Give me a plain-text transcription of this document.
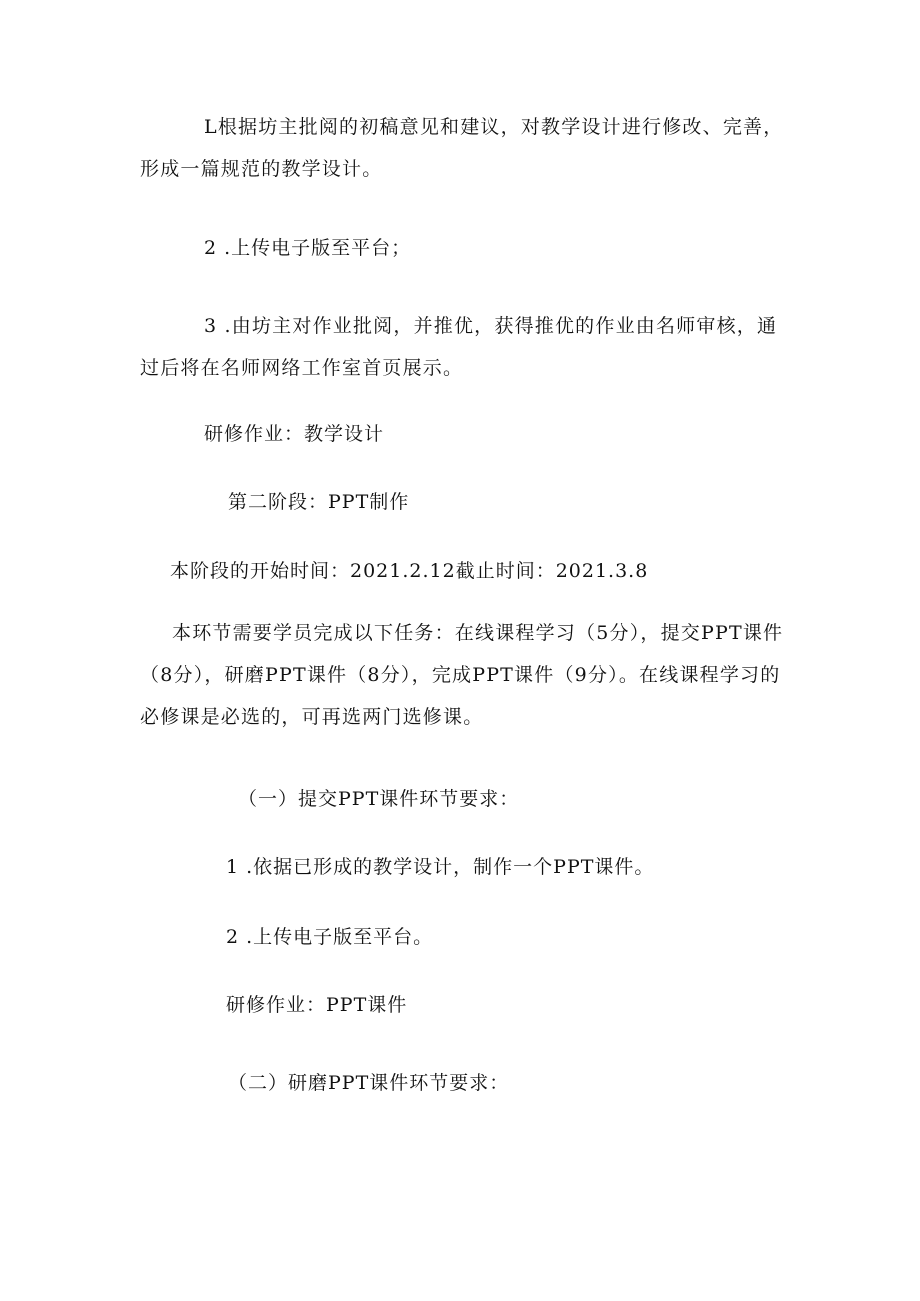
L根据坊主批阅的初稿意见和建议，对教学设计进行修改、完善，形成一篇规范的教学设计。

2 .上传电子版至平台；

3 .由坊主对作业批阅，并推优，获得推优的作业由名师审核，通过后将在名师网络工作室首页展示。

研修作业：教学设计

第二阶段：PPT制作

本阶段的开始时间：2021.2.12截止时间：2021.3.8

本环节需要学员完成以下任务：在线课程学习（5分），提交PPT课件（8分），研磨PPT课件（8分），完成PPT课件（9分）。在线课程学习的必修课是必选的，可再选两门选修课。

（一）提交PPT课件环节要求：

1 .依据已形成的教学设计，制作一个PPT课件。

2 .上传电子版至平台。

研修作业：PPT课件

（二）研磨PPT课件环节要求：
